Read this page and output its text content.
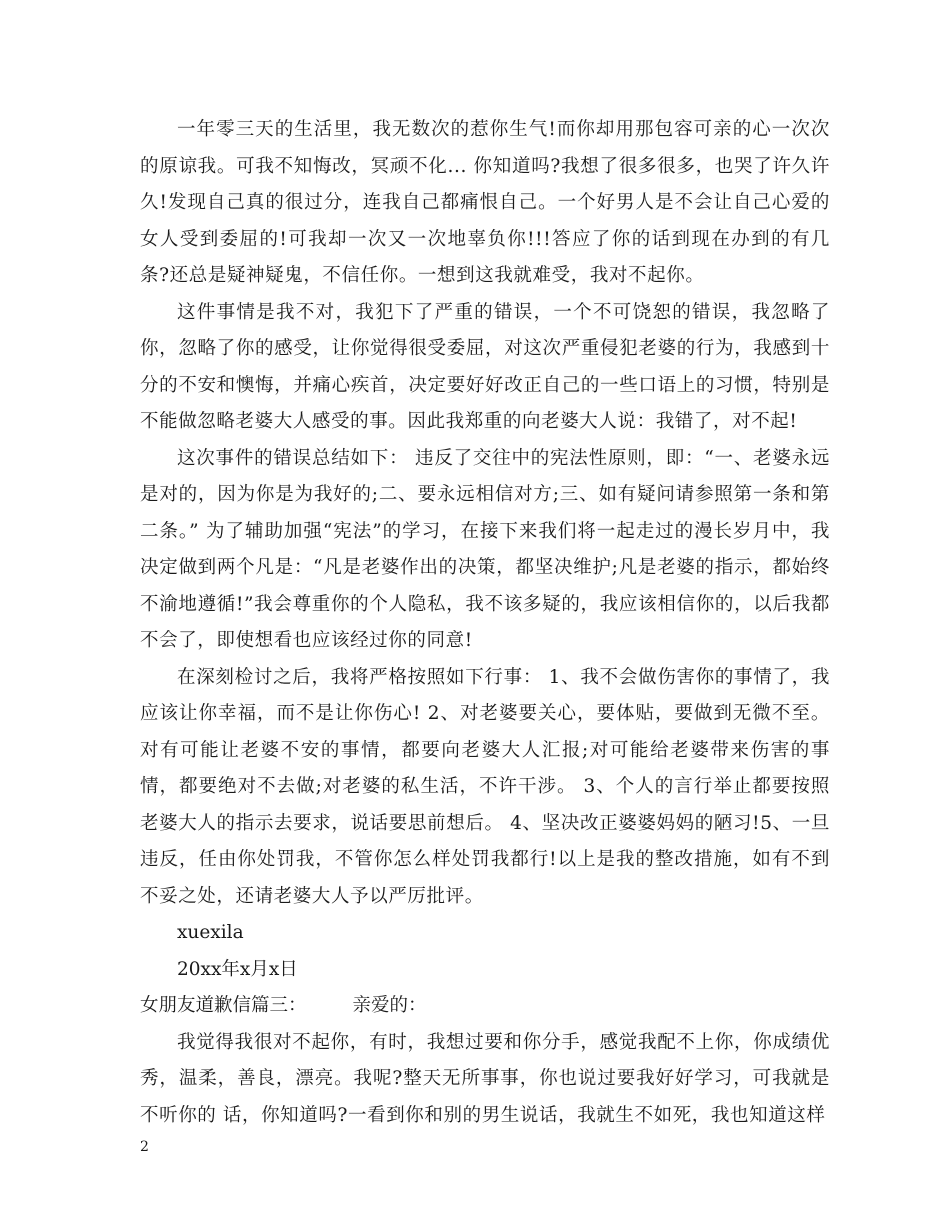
一年零三天的生活里，我无数次的惹你生气!而你却用那包容可亲的心一次次的原谅我。可我不知悔改，冥顽不化... 你知道吗?我想了很多很多，也哭了许久许久!发现自己真的很过分，连我自己都痛恨自己。一个好男人是不会让自己心爱的女人受到委屈的!可我却一次又一次地辜负你!!!答应了你的话到现在办到的有几条?还总是疑神疑鬼，不信任你。一想到这我就难受，我对不起你。

这件事情是我不对，我犯下了严重的错误，一个不可饶恕的错误，我忽略了你，忽略了你的感受，让你觉得很受委屈，对这次严重侵犯老婆的行为，我感到十分的不安和懊悔，并痛心疾首，决定要好好改正自己的一些口语上的习惯，特别是不能做忽略老婆大人感受的事。因此我郑重的向老婆大人说：我错了，对不起!

这次事件的错误总结如下： 违反了交往中的宪法性原则，即：“一、老婆永远是对的，因为你是为我好的;二、要永远相信对方;三、如有疑问请参照第一条和第二条。” 为了辅助加强“宪法”的学习，在接下来我们将一起走过的漫长岁月中，我决定做到两个凡是：“凡是老婆作出的决策，都坚决维护;凡是老婆的指示，都始终不渝地遵循!”我会尊重你的个人隐私，我不该多疑的，我应该相信你的，以后我都不会了，即使想看也应该经过你的同意!

在深刻检讨之后，我将严格按照如下行事： 1、我不会做伤害你的事情了，我应该让你幸福，而不是让你伤心! 2、对老婆要关心，要体贴，要做到无微不至。对有可能让老婆不安的事情，都要向老婆大人汇报;对可能给老婆带来伤害的事情，都要绝对不去做;对老婆的私生活，不许干涉。 3、个人的言行举止都要按照老婆大人的指示去要求，说话要思前想后。 4、坚决改正婆婆妈妈的陋习!5、一旦违反，任由你处罚我，不管你怎么样处罚我都行!以上是我的整改措施，如有不到不妥之处，还请老婆大人予以严厉批评。

xuexila

20xx年x月x日

女朋友道歉信篇三： 亲爱的：

我觉得我很对不起你，有时，我想过要和你分手，感觉我配不上你，你成绩优秀，温柔，善良，漂亮。我呢?整天无所事事，你也说过要我好好学习，可我就是不听你的 话，你知道吗?一看到你和别的男生说话，我就生不如死，我也知道这样

2
